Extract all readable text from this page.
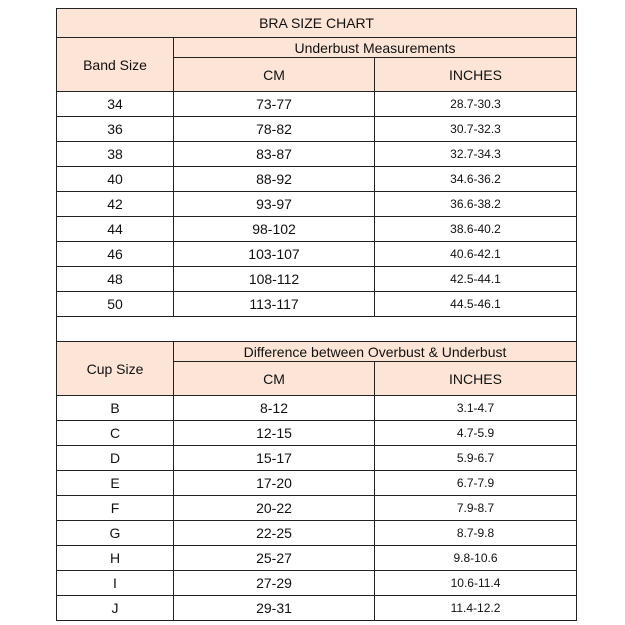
BRA SIZE CHART		
Band Size	Underbust Measurements	
	CM	INCHES
34	73-77	28.7-30.3
36	78-82	30.7-32.3
38	83-87	32.7-34.3
40	88-92	34.6-36.2
42	93-97	36.6-38.2
44	98-102	38.6-40.2
46	103-107	40.6-42.1
48	108-112	42.5-44.1
50	113-117	44.5-46.1

Cup Size	Difference between Overbust & Underbust	
	CM	INCHES
B	8-12	3.1-4.7
C	12-15	4.7-5.9
D	15-17	5.9-6.7
E	17-20	6.7-7.9
F	20-22	7.9-8.7
G	22-25	8.7-9.8
H	25-27	9.8-10.6
I	27-29	10.6-11.4
J	29-31	11.4-12.2
